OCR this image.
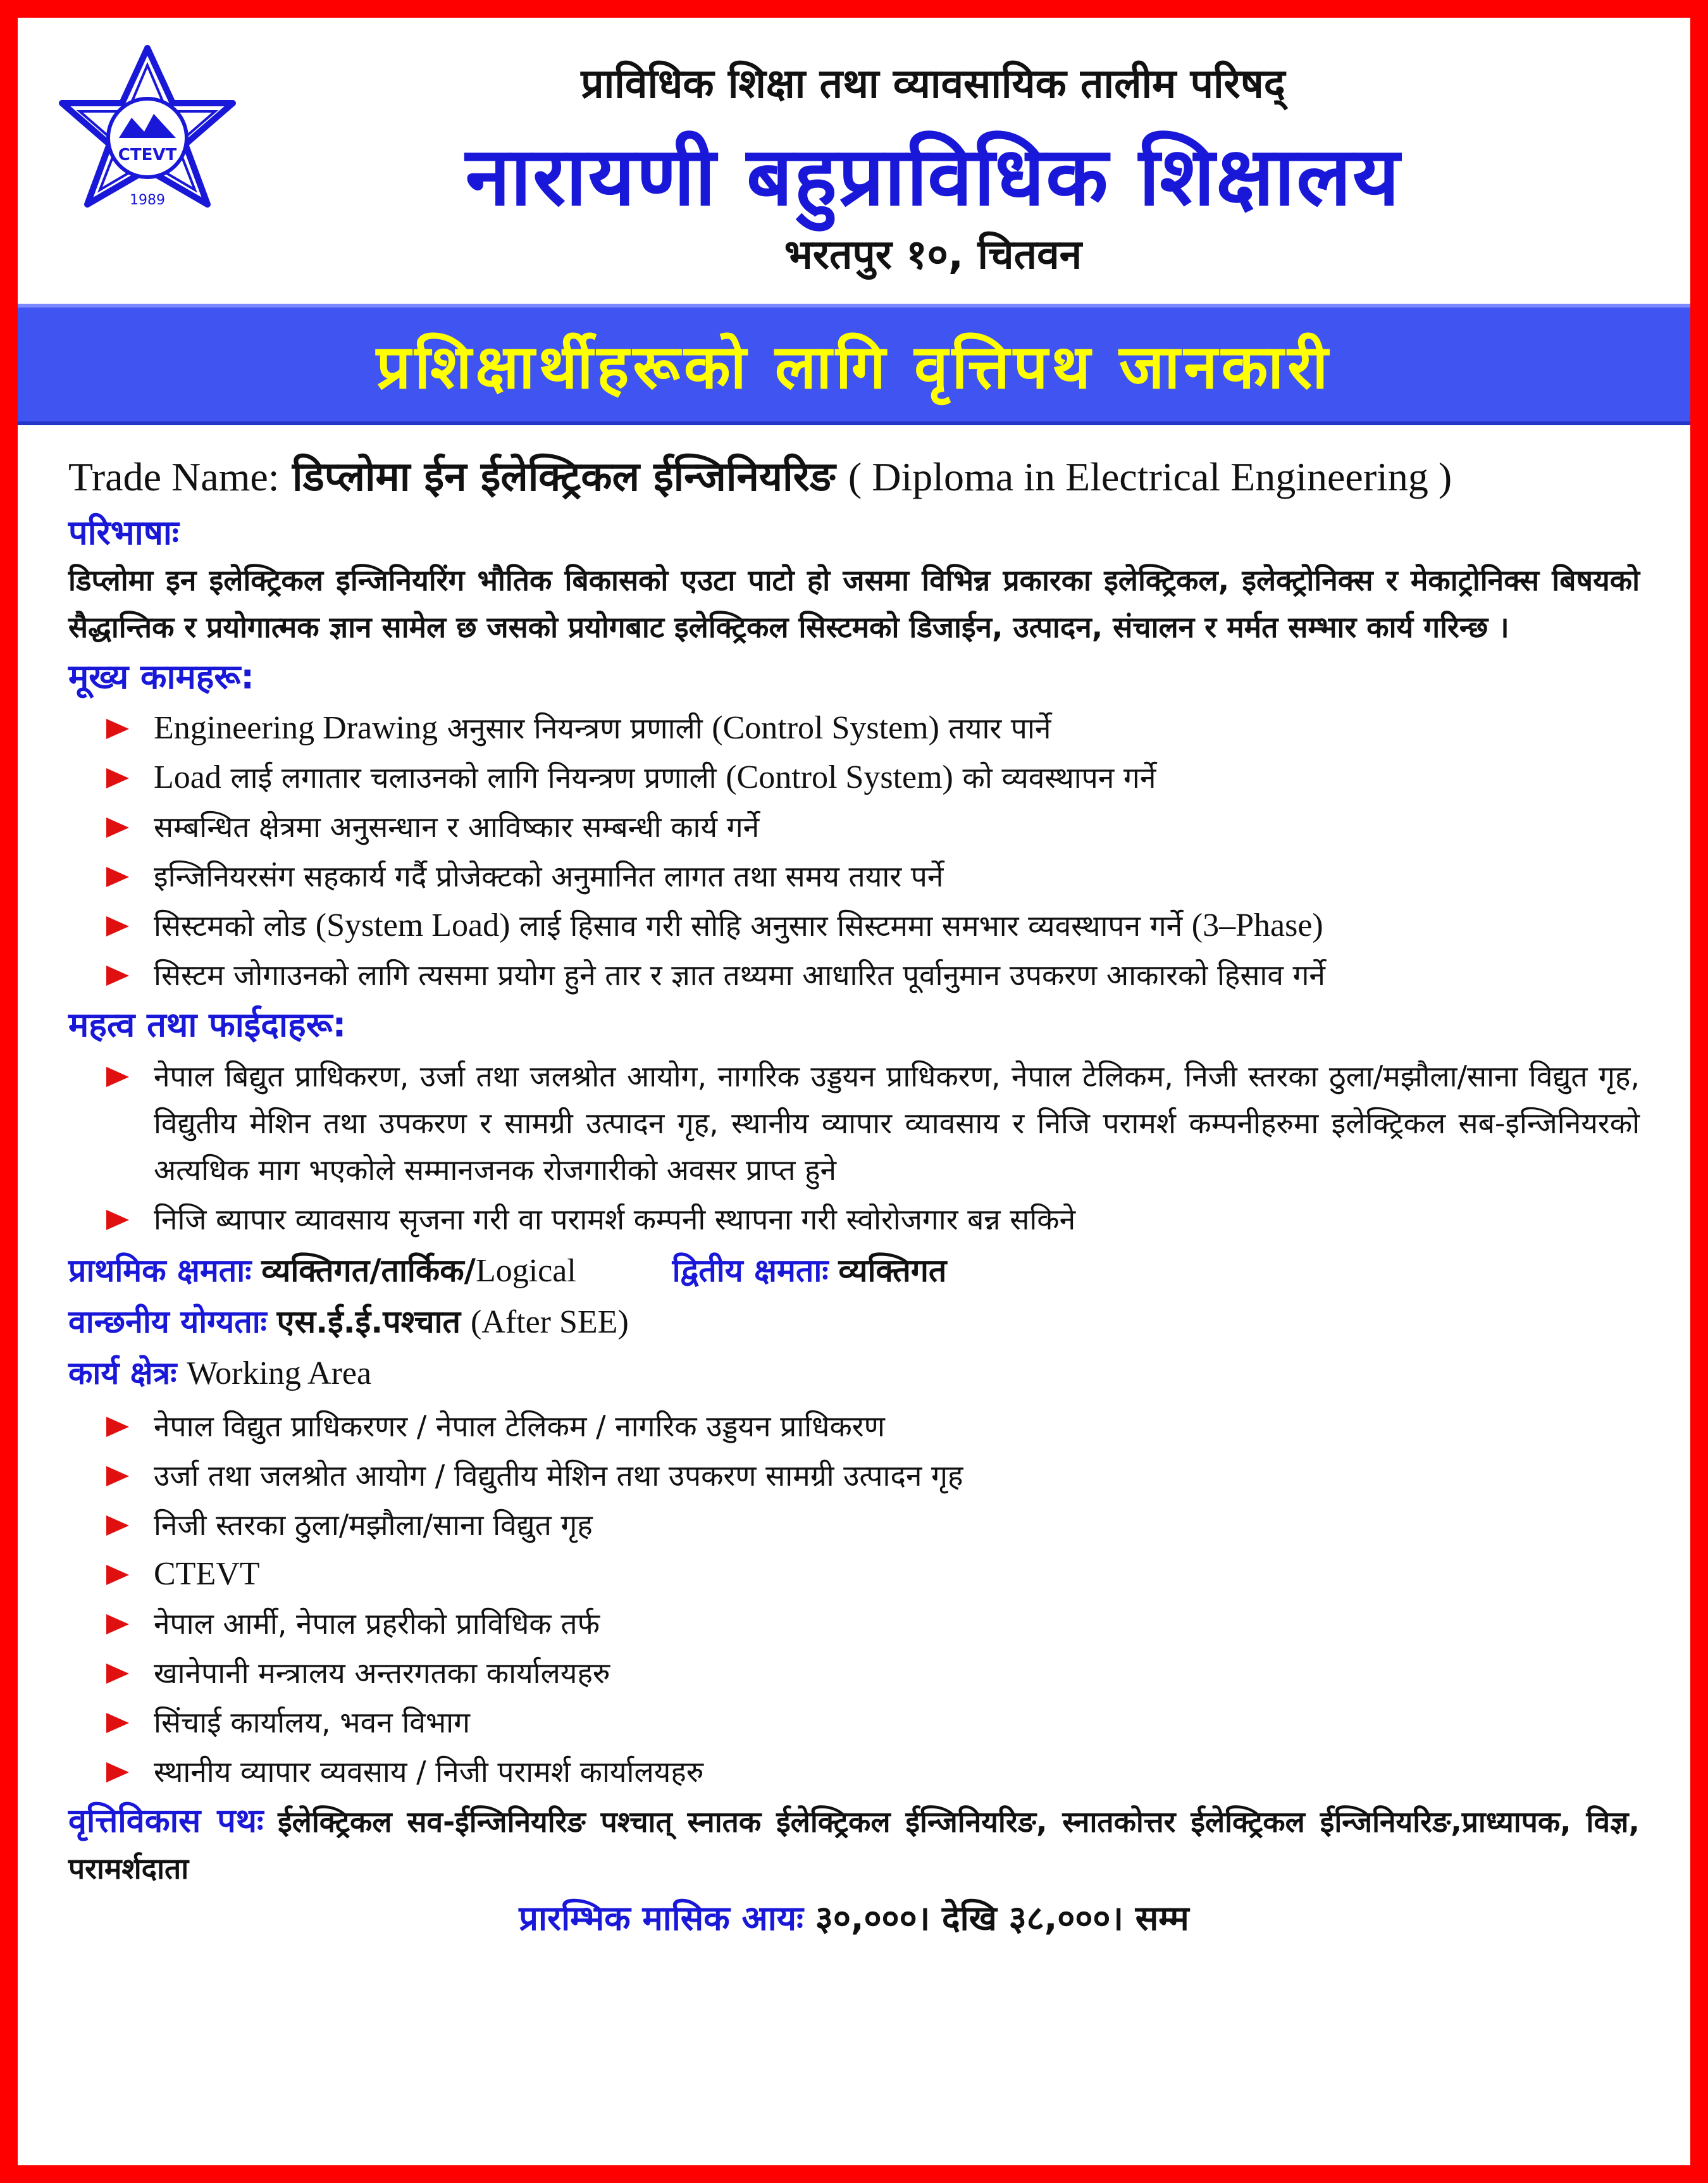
CTEVT
1989
प्राविधिक शिक्षा तथा व्यावसायिक तालीम परिषद्
नारायणी बहुप्राविधिक शिक्षालय
भरतपुर १०, चितवन
प्रशिक्षार्थीहरूको लागि वृत्तिपथ जानकारी
Trade Name: डिप्लोमा ईन ईलेक्ट्रिकल ईन्जिनियरिङ ( Diploma in Electrical Engineering )
परिभाषाः
डिप्लोमा इन इलेक्ट्रिकल इन्जिनियरिंग भौतिक बिकासको एउटा पाटो हो जसमा विभिन्न प्रकारका इलेक्ट्रिकल, इलेक्ट्रोनिक्स र मेकाट्रोनिक्स बिषयको सैद्धान्तिक र प्रयोगात्मक ज्ञान सामेल छ जसको प्रयोगबाट इलेक्ट्रिकल सिस्टमको डिजाईन, उत्पादन, संचालन र मर्मत सम्भार कार्य गरिन्छ ।
मूख्य कामहरू:
Engineering Drawing अनुसार नियन्त्रण प्रणाली (Control System) तयार पार्ने
Load लाई लगातार चलाउनको लागि नियन्त्रण प्रणाली (Control System) को व्यवस्थापन गर्ने
सम्बन्धित क्षेत्रमा अनुसन्धान र आविष्कार सम्बन्धी कार्य गर्ने
इन्जिनियरसंग सहकार्य गर्दै प्रोजेक्टको अनुमानित लागत तथा समय तयार पर्ने
सिस्टमको लोड (System Load) लाई हिसाव गरी सोहि अनुसार सिस्टममा समभार व्यवस्थापन गर्ने (3–Phase)
सिस्टम जोगाउनको लागि त्यसमा प्रयोग हुने तार र ज्ञात तथ्यमा आधारित पूर्वानुमान उपकरण आकारको हिसाव गर्ने
महत्व तथा फाईदाहरू:
नेपाल बिद्युत प्राधिकरण, उर्जा तथा जलश्रोत आयोग, नागरिक उड्डयन प्राधिकरण, नेपाल टेलिकम, निजी स्तरका ठुला/मझौला/साना विद्युत गृह, विद्युतीय मेशिन तथा उपकरण र सामग्री उत्पादन गृह, स्थानीय व्यापार व्यावसाय र निजि परामर्श कम्पनीहरुमा इलेक्ट्रिकल सब-इन्जिनियरको अत्यधिक माग भएकोले सम्मानजनक रोजगारीको अवसर प्राप्त हुने
निजि ब्यापार व्यावसाय सृजना गरी वा परामर्श कम्पनी स्थापना गरी स्वोरोजगार बन्न सकिने
प्राथमिक क्षमताः व्यक्तिगत/तार्किक/Logical	द्वितीय क्षमताः व्यक्तिगत
वान्छनीय योग्यताः एस.ई.ई.पश्चात (After SEE)
कार्य क्षेत्रः Working Area
नेपाल विद्युत प्राधिकरणर / नेपाल टेलिकम / नागरिक उड्डयन प्राधिकरण
उर्जा तथा जलश्रोत आयोग / विद्युतीय मेशिन तथा उपकरण सामग्री उत्पादन गृह
निजी स्तरका ठुला/मझौला/साना विद्युत गृह
CTEVT
नेपाल आर्मी, नेपाल प्रहरीको प्राविधिक तर्फ
खानेपानी मन्त्रालय अन्तरगतका कार्यालयहरु
सिंचाई कार्यालय, भवन विभाग
स्थानीय व्यापार व्यवसाय / निजी परामर्श कार्यालयहरु
वृत्तिविकास पथः ईलेक्ट्रिकल सव-ईन्जिनियरिङ पश्चात् स्नातक ईलेक्ट्रिकल ईन्जिनियरिङ, स्नातकोत्तर ईलेक्ट्रिकल ईन्जिनियरिङ,प्राध्यापक, विज्ञ, परामर्शदाता
प्रारम्भिक मासिक आयः ३०,०००। देखि ३८,०००। सम्म
